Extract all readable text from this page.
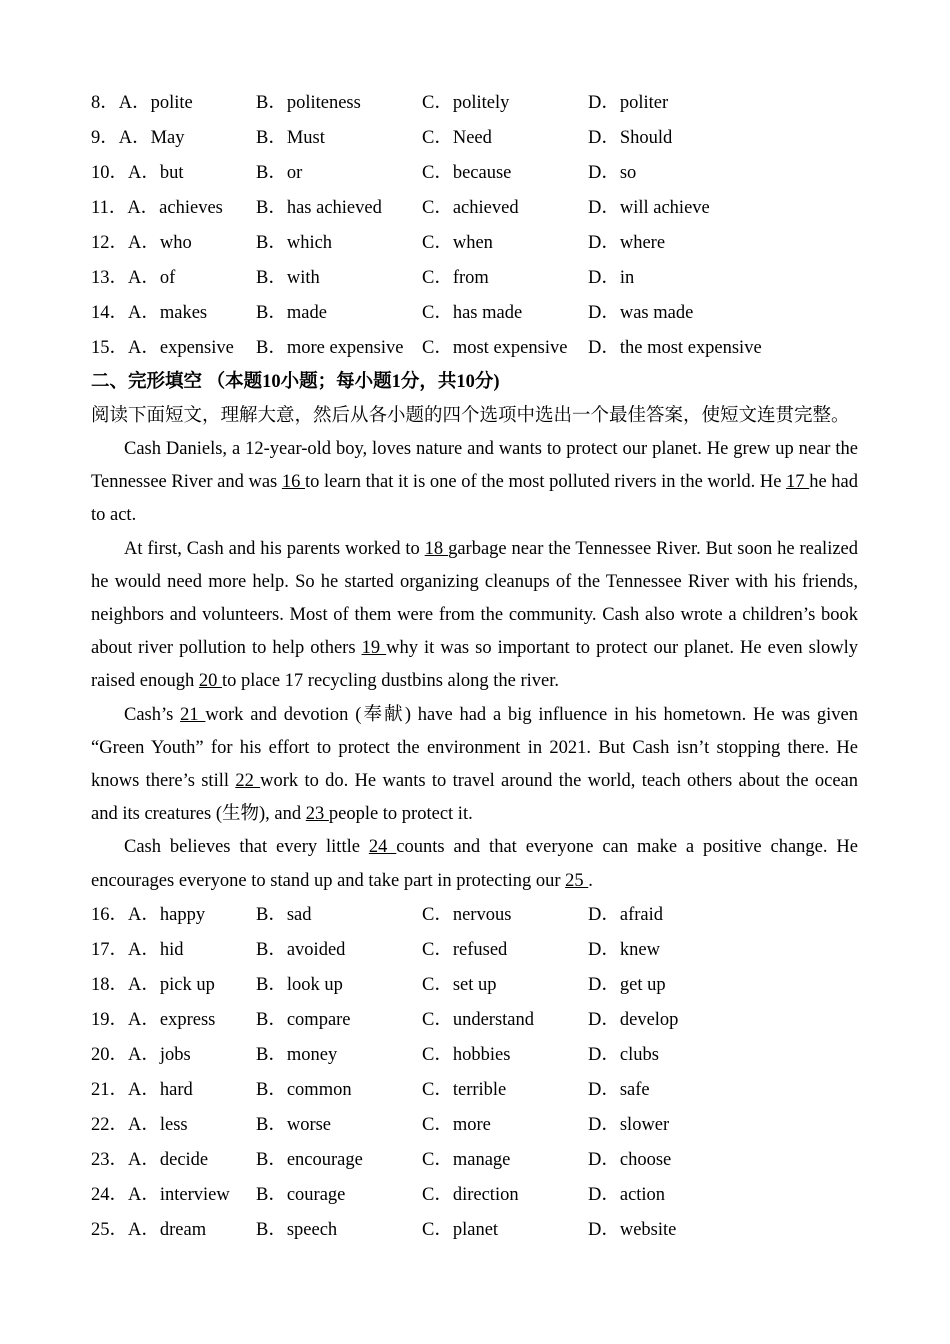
8．A．polite	B．politeness	C．politely	D．politer
9．A．May	B．Must	C．Need	D．Should
10．A．but	B．or	C．because	D．so
11．A．achieves B．has achieved C．achieved	D．will achieve
12．A．who	B．which	C．when	D．where
13．A．of	B．with	C．from	D．in
14．A．makes	B．made	C．has made	D．was made
15．A．expensive B．more expensive C．most expensive D．the most expensive
二、完形填空 （本题10小题；每小题1分，共10分)
阅读下面短文，理解大意，然后从各小题的四个选项中选出一个最佳答案，使短文连贯完整。

Cash Daniels, a 12-year-old boy, loves nature and wants to protect our planet. He grew up near the Tennessee River and was 16 to learn that it is one of the most polluted rivers in the world. He 17 he had to act.

At first, Cash and his parents worked to 18 garbage near the Tennessee River. But soon he realized he would need more help. So he started organizing cleanups of the Tennessee River with his friends, neighbors and volunteers. Most of them were from the community. Cash also wrote a children’s book about river pollution to help others 19 why it was so important to protect our planet. He even slowly raised enough 20 to place 17 recycling dustbins along the river.

Cash’s 21 work and devotion (奉献) have had a big influence in his hometown. He was given “Green Youth” for his effort to protect the environment in 2021. But Cash isn’t stopping there. He knows there’s still 22 work to do. He wants to travel around the world, teach others about the ocean and its creatures (生物), and 23 people to protect it.

Cash believes that every little 24 counts and that everyone can make a positive change. He encourages everyone to stand up and take part in protecting our 25 .

16．A．happy	B．sad	C．nervous	D．afraid
17．A．hid	B．avoided	C．refused	D．knew
18．A．pick up B．look up	C．set up	D．get up
19．A．express B．compare	C．understand	D．develop
20．A．jobs	B．money	C．hobbies	D．clubs
21．A．hard	B．common	C．terrible	D．safe
22．A．less	B．worse	C．more	D．slower
23．A．decide	B．encourage	C．manage	D．choose
24．A．interview B．courage	C．direction	D．action
25．A．dream	B．speech	C．planet	D．website
